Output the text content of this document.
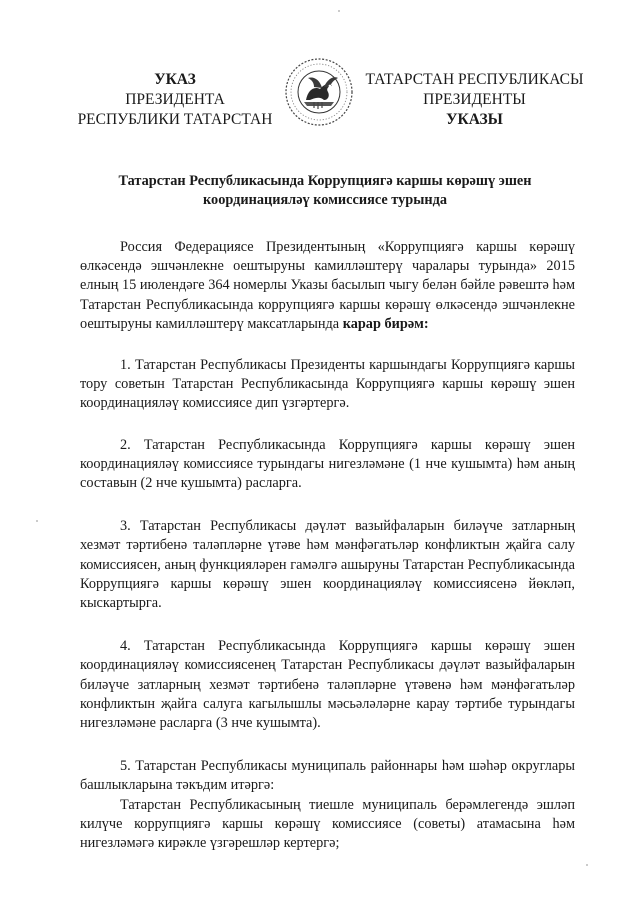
УКАЗ
ПРЕЗИДЕНТА
РЕСПУБЛИКИ ТАТАРСТАН
ТАТАРСТАН РЕСПУБЛИКАСЫ
ПРЕЗИДЕНТЫ
УКАЗЫ
Татарстан Республикасында Коррупциягә каршы көрәшү эшен
координацияләү комиссиясе турында

Россия Федерациясе Президентының «Коррупциягә каршы көрәшү өлкәсендә эшчәнлекне оештыруны камилләштерү чаралары турында» 2015 елның 15 июлендәге 364 номерлы Указы басылып чыгу белән бәйле рәвештә һәм Татарстан Республикасында коррупциягә каршы көрәшү өлкәсендә эшчәнлекне оештыруны камилләштерү максатларында карар бирәм:

1. Татарстан Республикасы Президенты каршындагы Коррупциягә каршы тору советын Татарстан Республикасында Коррупциягә каршы көрәшү эшен координацияләү комиссиясе дип үзгәртергә.

2. Татарстан Республикасында Коррупциягә каршы көрәшү эшен координацияләү комиссиясе турындагы нигезләмәне (1 нче кушымта) һәм аның составын (2 нче кушымта) расларга.

3. Татарстан Республикасы дәүләт вазыйфаларын биләүче затларның хезмәт тәртибенә таләпләрне үтәве һәм мәнфәгатьләр конфликтын җайга салу комиссиясен, аның функцияләрен гамәлгә ашыруны Татарстан Республикасында Коррупциягә каршы көрәшү эшен координацияләү комиссиясенә йөкләп, кыскартырга.

4. Татарстан Республикасында Коррупциягә каршы көрәшү эшен координацияләү комиссиясенең Татарстан Республикасы дәүләт вазыйфаларын биләүче затларның хезмәт тәртибенә таләпләрне үтәвенә һәм мәнфәгатьләр конфликтын җайга салуга кагылышлы мәсьәләләрне карау тәртибе турындагы нигезләмәне расларга (3 нче кушымта).

5. Татарстан Республикасы муниципаль районнары һәм шәһәр округлары башлыкларына тәкъдим итәргә:

Татарстан Республикасының тиешле муниципаль берәмлегендә эшләп килүче коррупциягә каршы көрәшү комиссиясе (советы) атамасына һәм нигезләмәгә кирәкле үзгәрешләр кертергә;
